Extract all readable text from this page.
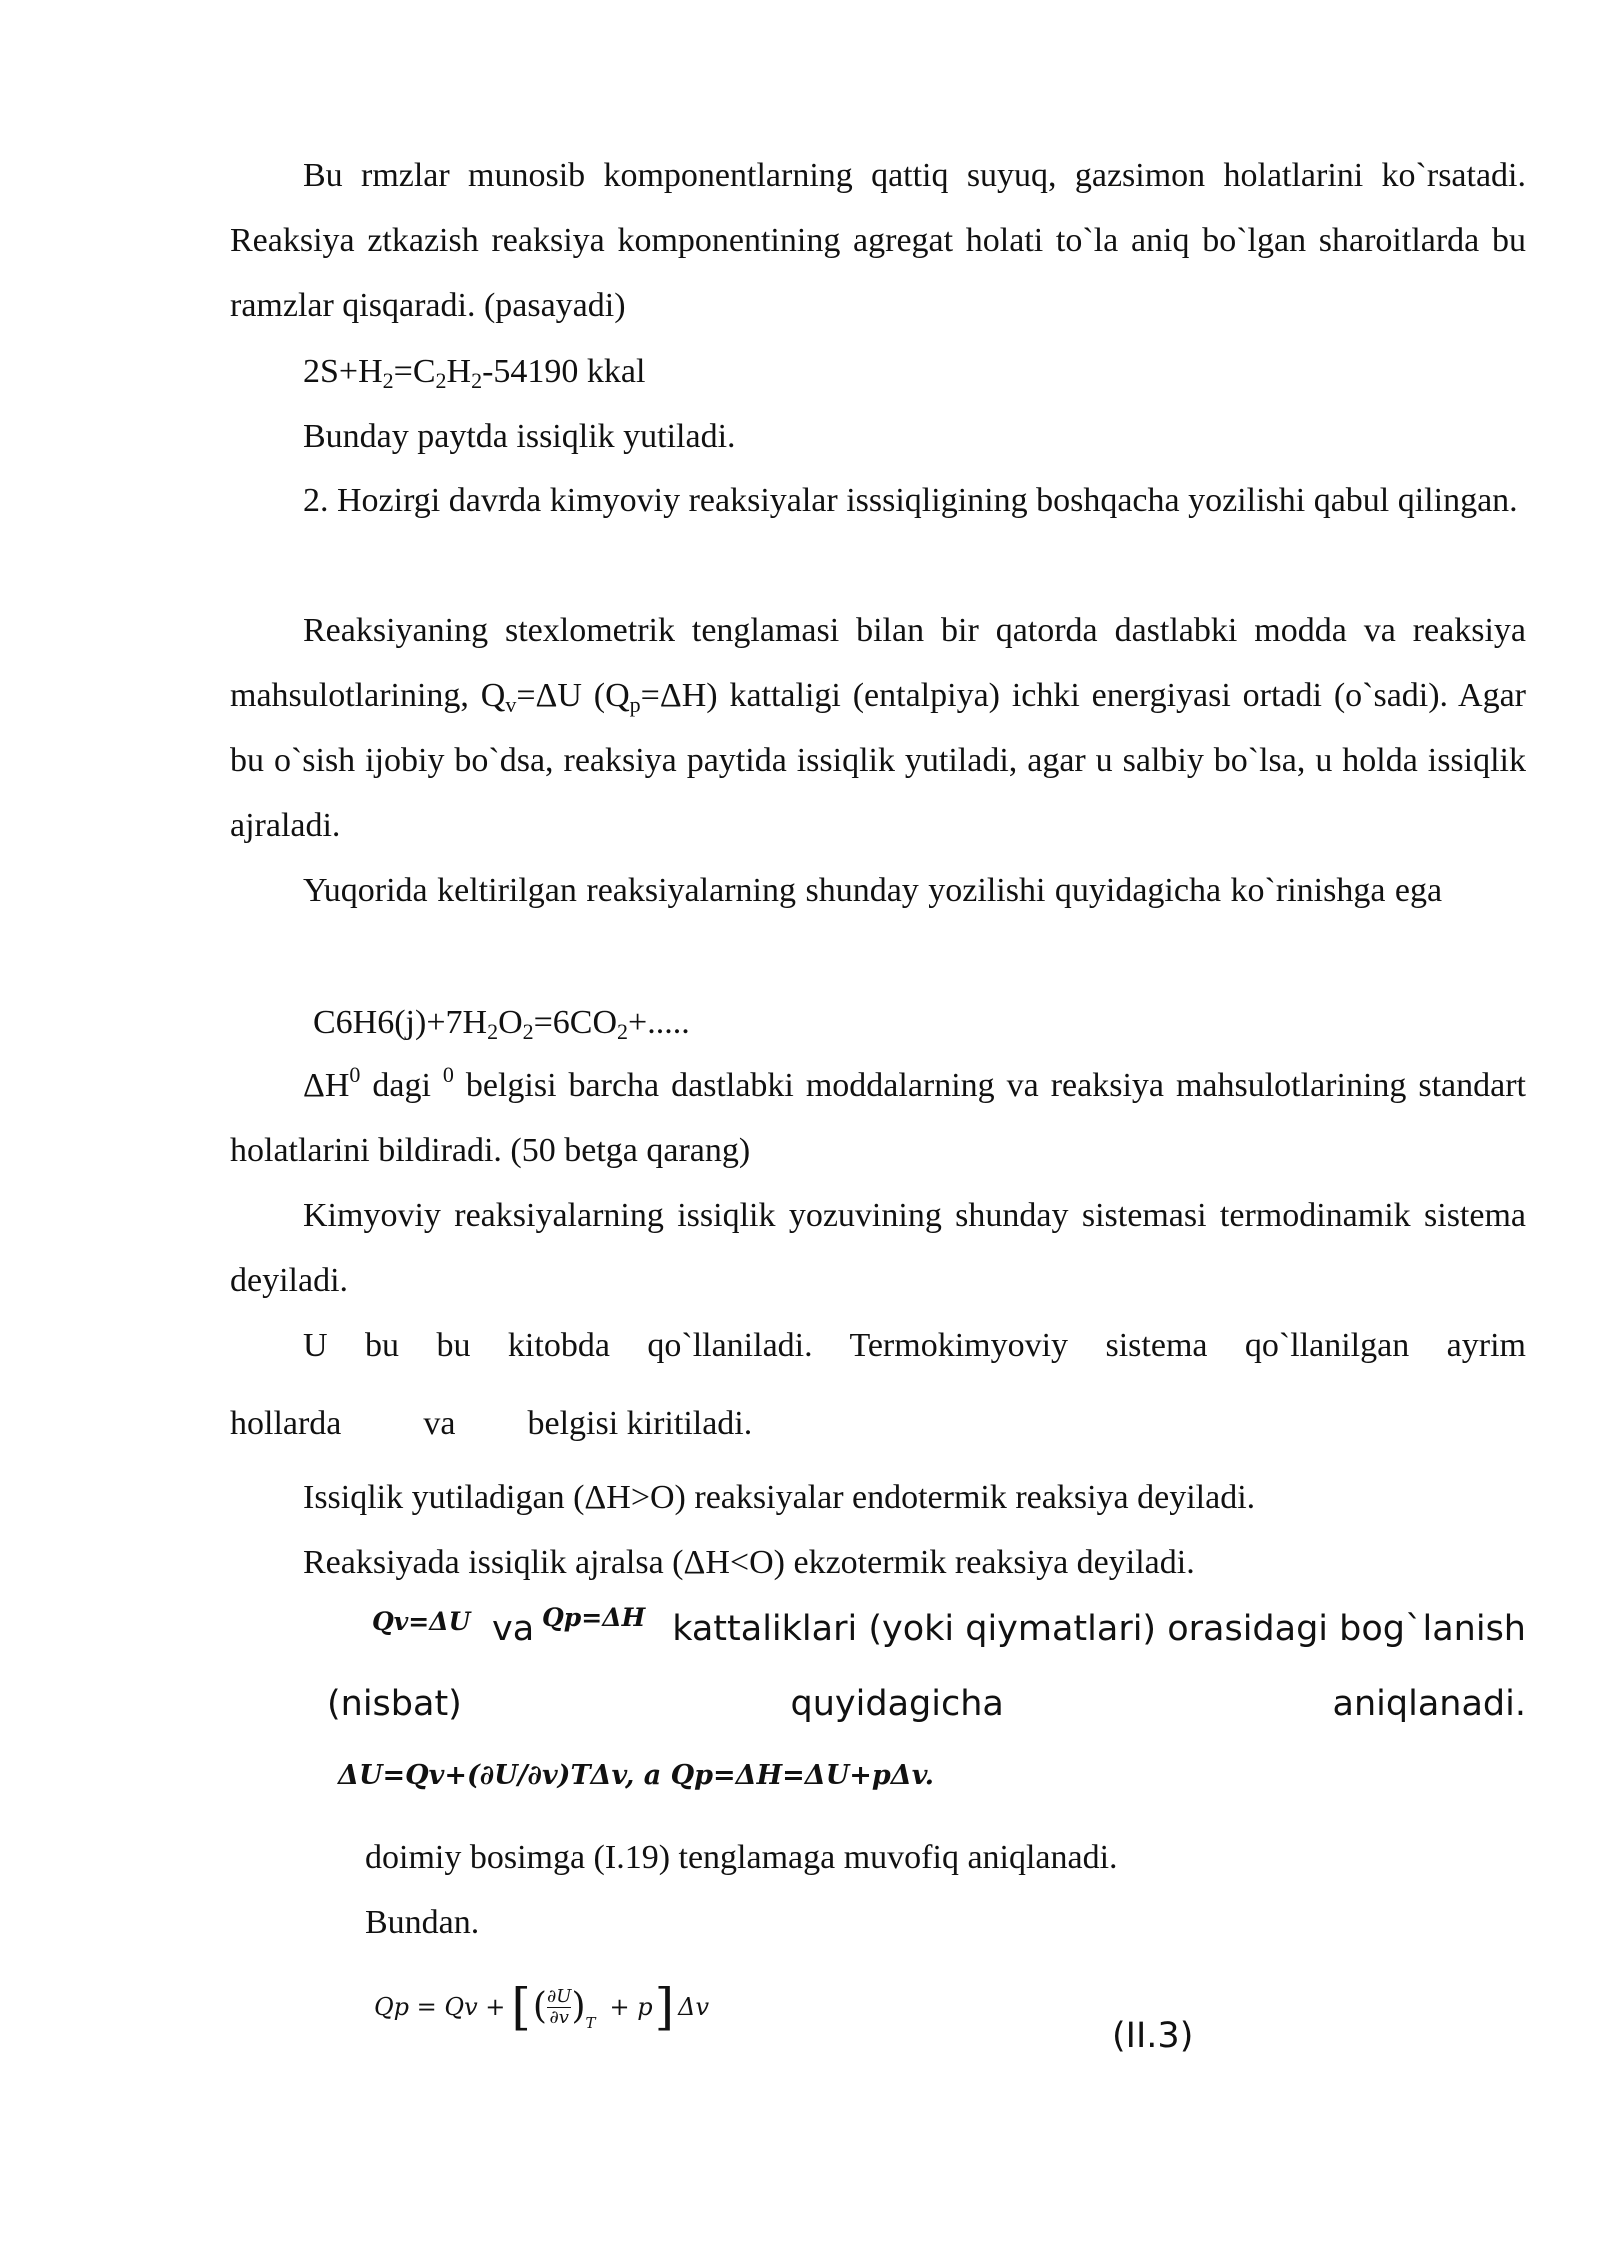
Bu rmzlar munosib komponentlarning qattiq suyuq, gazsimon holatlarini ko`rsatadi. Reaksiya ztkazish reaksiya komponentining agregat holati to`la aniq bo`lgan sharoitlarda bu ramzlar qisqaradi. (pasayadi)

$2S+H_2=C_2H_2-54190$ kkal
Bunday paytda issiqlik yutiladi.

2. Hozirgi davrda kimyoviy reaksiyalar isssiqligining boshqacha yozilishi qabul qilingan.

Reaksiyaning stexlometrik tenglamasi bilan bir qatorda dastlabki modda va reaksiya mahsulotlarining, $Q_v=\Delta U$ $(Q_p=\Delta H)$ kattaligi (entalpiya) ichki energiyasi ortadi (o`sadi). Agar bu o`sish ijobiy bo`dsa, reaksiya paytida issiqlik yutiladi, agar u salbiy bo`lsa, u holda issiqlik ajraladi.

Yuqorida keltirilgan reaksiyalarning shunday yozilishi quyidagicha ko`rinishga ega

$C6H6(j)+7H_2O_2=6CO_2+$.....

$\Delta H^0$ dagi $^0$ belgisi barcha dastlabki moddalarning va reaksiya mahsulotlarining standart holatlarini bildiradi. (50 betga qarang)

Kimyoviy reaksiyalarning issiqlik yozuvining shunday sistemasi termodinamik sistema deyiladi.

U bu bu kitobda qo`llaniladi. Termokimyoviy sistema qo`llanilgan ayrim

hollarda va belgisi kiritiladi.
Issiqlik yutiladigan (ΔH>O) reaksiyalar endotermik reaksiya deyiladi.
Reaksiyada issiqlik ajralsa (ΔH<O) ekzotermik reaksiya deyiladi.
Qv=ΔU va Qp=ΔH kattaliklari (yoki qiymatlari) orasidagi bog`lanish
(nisbat)	quyidagicha	aniqlanadi.
ΔU=Qv+(∂U/∂v)TΔv, a Qp=ΔH=ΔU+pΔv.
doimiy bosimga (I.19) tenglamaga muvofiq aniqlanadi.
Bundan.
Qp = Qv + [ ( ∂U
∂v ) T
+ p ] Δv
(II.3)
